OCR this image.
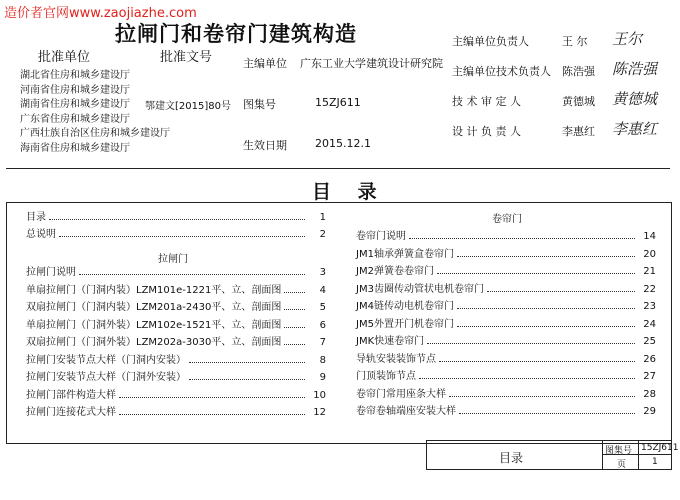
造价者官网www.zaojiazhe.com
拉闸门和卷帘门建筑构造
批准单位	批准文号
湖北省住房和城乡建设厅
河南省住房和城乡建设厅
湖南省住房和城乡建设厅
广东省住房和城乡建设厅
广西壮族自治区住房和城乡建设厅
海南省住房和城乡建设厅
鄂建文[2015]80号
主编单位 广东工业大学建筑设计研究院
图集号	15ZJ611
生效日期	2015.12.1
主编单位负责人	王 尔 王尔
主编单位技术负责人 陈浩强 陈浩强
技 术 审 定 人	黄德城 黄德城
设 计 负 责 人	李惠红 李惠红
目 录
目录	1
总说明	2
拉闸门
拉闸门说明	3
单扇拉闸门（门洞内装）LZM101e-1221平、立、剖面图	4
双扇拉闸门（门洞内装）LZM201a-2430平、立、剖面图	5
单扇拉闸门（门洞外装）LZM102e-1521平、立、剖面图	6
双扇拉闸门（门洞外装）LZM202a-3030平、立、剖面图	7
拉闸门安装节点大样（门洞内安装）	8
拉闸门安装节点大样（门洞外安装）	9
拉闸门部件构造大样	10
拉闸门连接花式大样	12
卷帘门
卷帘门说明	14
JM1轴承弹簧盒卷帘门	20
JM2弹簧卷卷帘门	21
JM3齿圈传动管状电机卷帘门	22
JM4链传动电机卷帘门	23
JM5外置开门机卷帘门	24
JMK快速卷帘门	25
导轨安装装饰节点	26
门顶装饰节点	27
卷帘门常用座条大样	28
卷帘卷轴端座安装大样	29
目录	图集号 15ZJ611
页	1
